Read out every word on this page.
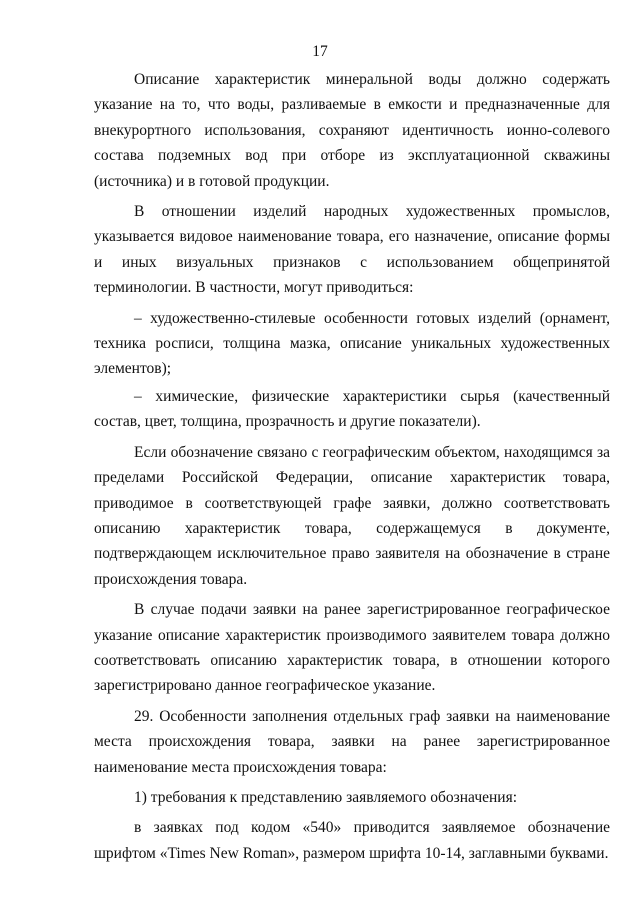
17

Описание характеристик минеральной воды должно содержать указание на то, что воды, разливаемые в емкости и предназначенные для внекурортного использования, сохраняют идентичность ионно-солевого состава подземных вод при отборе из эксплуатационной скважины (источника) и в готовой продукции.

В отношении изделий народных художественных промыслов, указывается видовое наименование товара, его назначение, описание формы и иных визуальных признаков с использованием общепринятой терминологии. В частности, могут приводиться:

– художественно-стилевые особенности готовых изделий (орнамент, техника росписи, толщина мазка, описание уникальных художественных элементов);

– химические, физические характеристики сырья (качественный состав, цвет, толщина, прозрачность и другие показатели).

Если обозначение связано с географическим объектом, находящимся за пределами Российской Федерации, описание характеристик товара, приводимое в соответствующей графе заявки, должно соответствовать описанию характеристик товара, содержащемуся в документе, подтверждающем исключительное право заявителя на обозначение в стране происхождения товара.

В случае подачи заявки на ранее зарегистрированное географическое указание описание характеристик производимого заявителем товара должно соответствовать описанию характеристик товара, в отношении которого зарегистрировано данное географическое указание.

29. Особенности заполнения отдельных граф заявки на наименование места происхождения товара, заявки на ранее зарегистрированное наименование места происхождения товара:

1) требования к представлению заявляемого обозначения:

в заявках под кодом «540» приводится заявляемое обозначение шрифтом «Times New Roman», размером шрифта 10-14, заглавными буквами.
